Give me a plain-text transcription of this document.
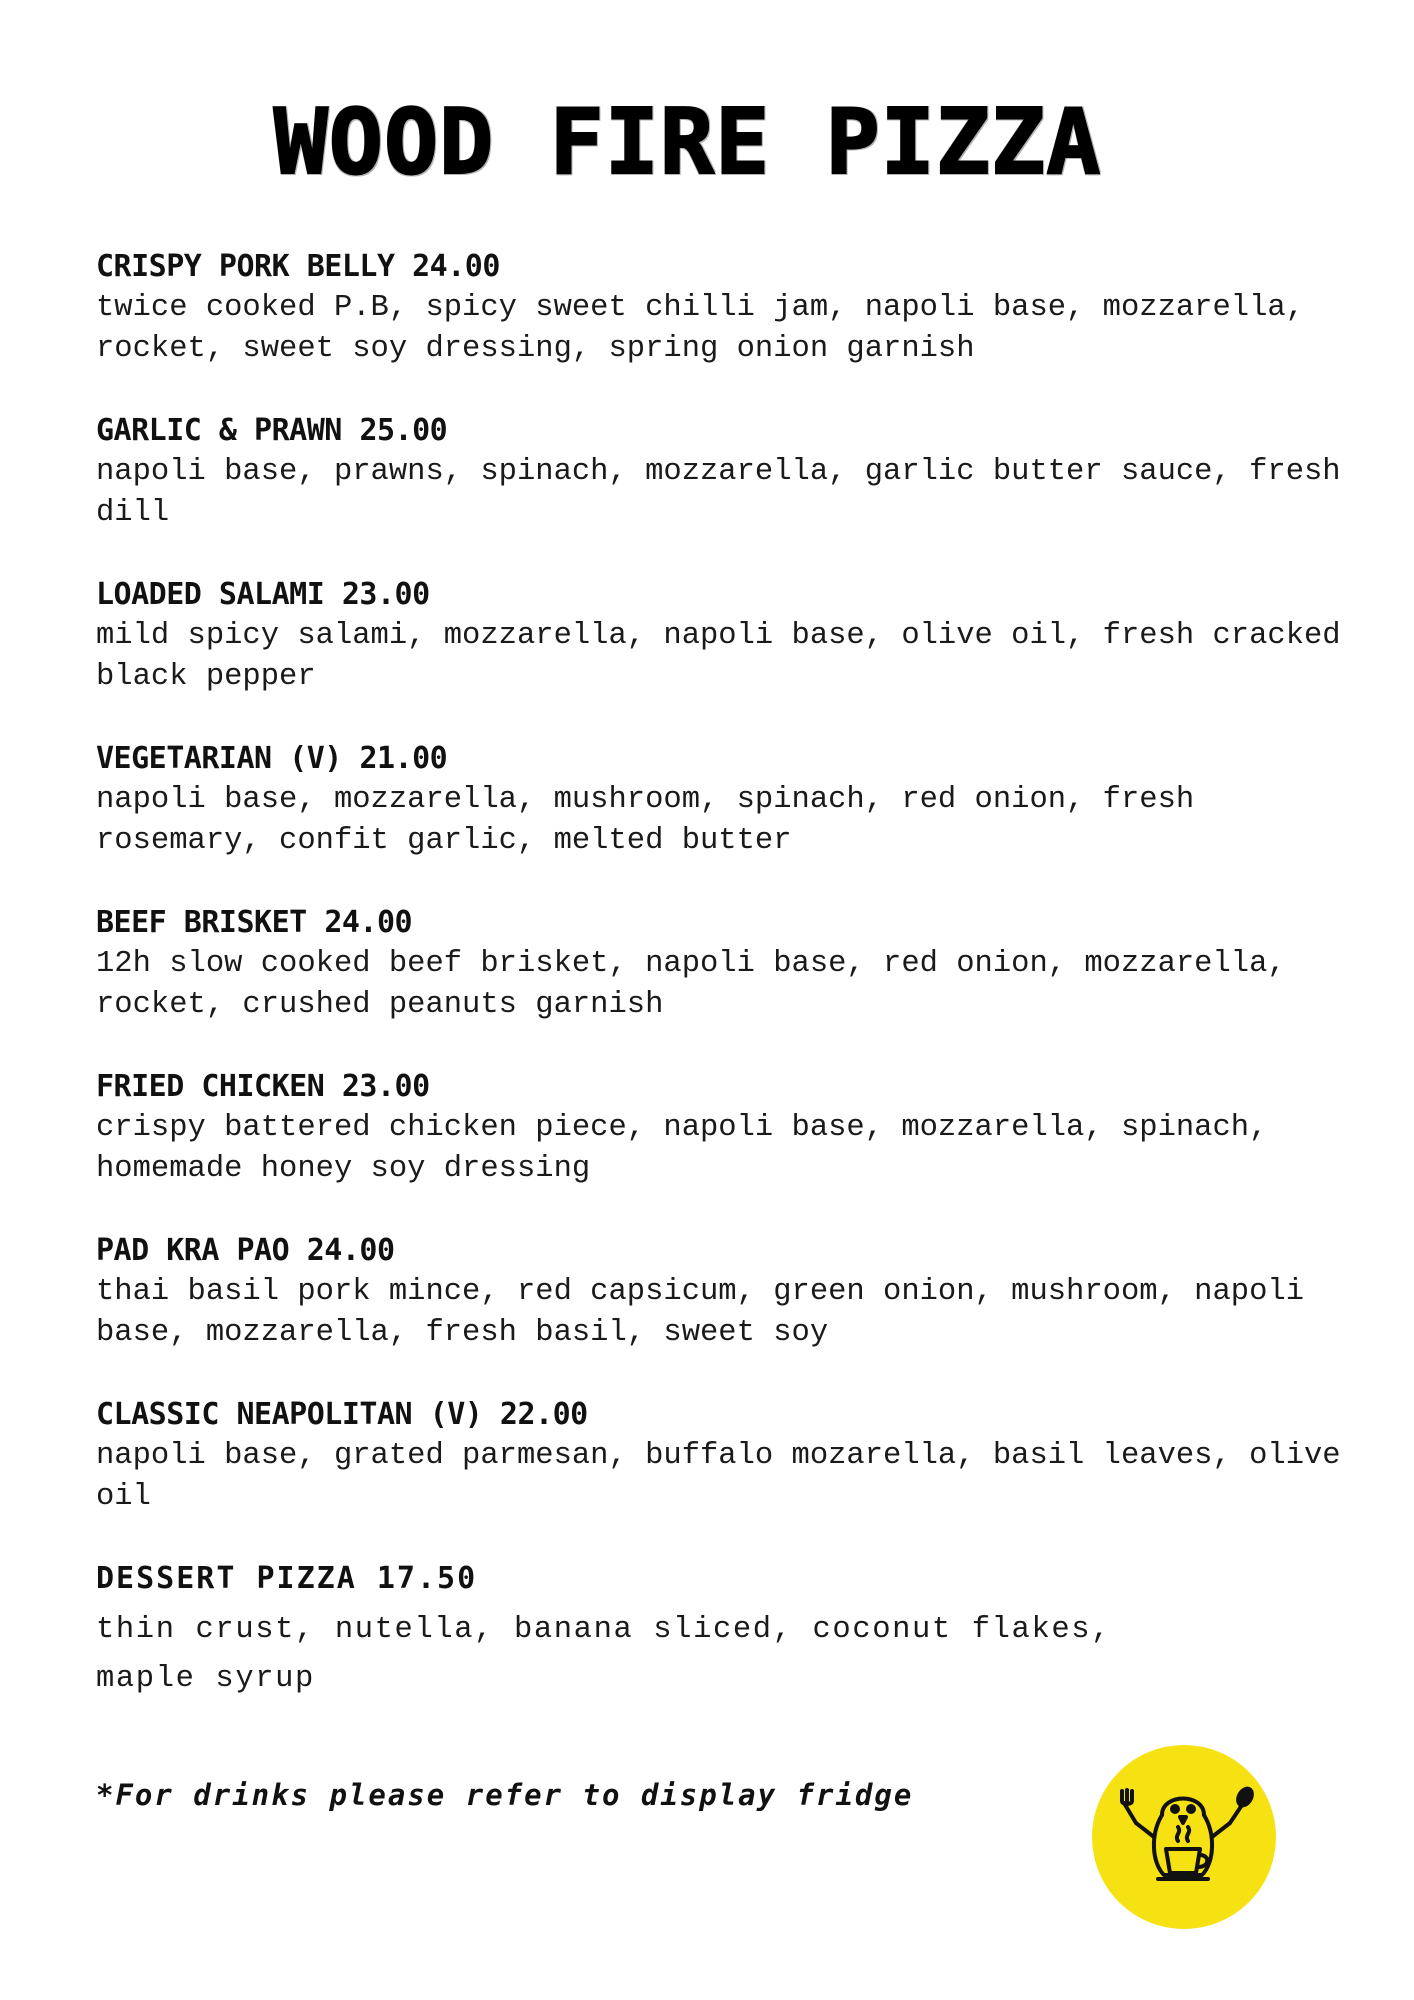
WOOD FIRE PIZZA
CRISPY PORK BELLY 24.00
twice cooked P.B, spicy sweet chilli jam, napoli base, mozzarella, rocket, sweet soy dressing, spring onion garnish
GARLIC & PRAWN 25.00
napoli base, prawns, spinach, mozzarella, garlic butter sauce, fresh dill
LOADED SALAMI 23.00
mild spicy salami, mozzarella, napoli base, olive oil, fresh cracked black pepper
VEGETARIAN (V) 21.00
napoli base, mozzarella, mushroom, spinach, red onion, fresh rosemary, confit garlic, melted butter
BEEF BRISKET 24.00
12h slow cooked beef brisket, napoli base, red onion, mozzarella, rocket, crushed peanuts garnish
FRIED CHICKEN 23.00
crispy battered chicken piece, napoli base, mozzarella, spinach, homemade honey soy dressing
PAD KRA PAO 24.00
thai basil pork mince, red capsicum, green onion, mushroom, napoli base, mozzarella, fresh basil, sweet soy
CLASSIC NEAPOLITAN (V) 22.00
napoli base, grated parmesan, buffalo mozarella, basil leaves, olive oil
DESSERT PIZZA 17.50
thin crust, nutella, banana sliced, coconut flakes, maple syrup
*For drinks please refer to display fridge
